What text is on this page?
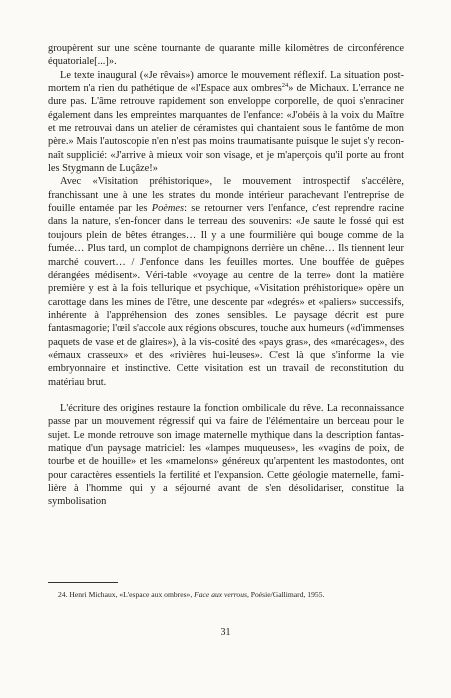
groupèrent sur une scène tournante de quarante mille kilomètres de circonférence équatoriale[...]».

Le texte inaugural («Je rêvais») amorce le mouvement réflexif. La situation post-mortem n'a rien du pathétique de «l'Espace aux ombres$^{24}$» de Michaux. L'errance ne dure pas. L'âme retrouve rapidement son enveloppe corporelle, de quoi s'enraciner également dans les empreintes marquantes de l'enfance: «J'obéis à la voix du Maître et me retrouvai dans un atelier de céramistes qui chantaient sous le fantôme de mon père.» Mais l'autoscopie n'en n'est pas moins traumatisante puisque le sujet s'y recon-naît supplicié: «J'arrive à mieux voir son visage, et je m'aperçois qu'il porte au front les Stygmann de Luçâze!»

Avec «Visitation préhistorique», le mouvement introspectif s'accélère, franchissant une à une les strates du monde intérieur parachevant l'entreprise de fouille entamée par les Poèmes: se retourner vers l'enfance, c'est reprendre racine dans la nature, s'en-foncer dans le terreau des souvenirs: «Je saute le fossé qui est toujours plein de bêtes étranges… Il y a une fourmilière qui bouge comme de la fumée… Plus tard, un complot de champignons derrière un chêne… Ils tiennent leur marché couvert… / J'enfonce dans les feuilles mortes. Une bouffée de guêpes dérangées médisent». Véri-table «voyage au centre de la terre» dont la matière première y est à la fois tellurique et psychique, «Visitation préhistorique» opère un carottage dans les mines de l'être, une descente par «degrés» et «paliers» successifs, inhérente à l'appréhension des zones sensibles. Le paysage décrit est pure fantasmagorie; l'œil s'accole aux régions obscures, touche aux humeurs («d'immenses paquets de vase et de glaires»), à la vis-cosité des «pays gras», des «marécages», des «émaux crasseux» et des «rivières hui-leuses». C'est là que s'informe la vie embryonnaire et instinctive. Cette visitation est un travail de reconstitution du matériau brut.

L'écriture des origines restaure la fonction ombilicale du rêve. La reconnaissance passe par un mouvement régressif qui va faire de l'élémentaire un berceau pour le sujet. Le monde retrouve son image maternelle mythique dans la description fantas-matique d'un paysage matriciel: les «lampes muqueuses», les «vagins de poix, de tourbe et de houille» et les «mamelons» généreux qu'arpentent les mastodontes, ont pour caractères essentiels la fertilité et l'expansion. Cette géologie maternelle, fami-lière à l'homme qui y a séjourné avant de s'en désolidariser, constitue la symbolisation

24. Henri Michaux, «L'espace aux ombres», Face aux verrous, Poésie/Gallimard, 1955.
31
